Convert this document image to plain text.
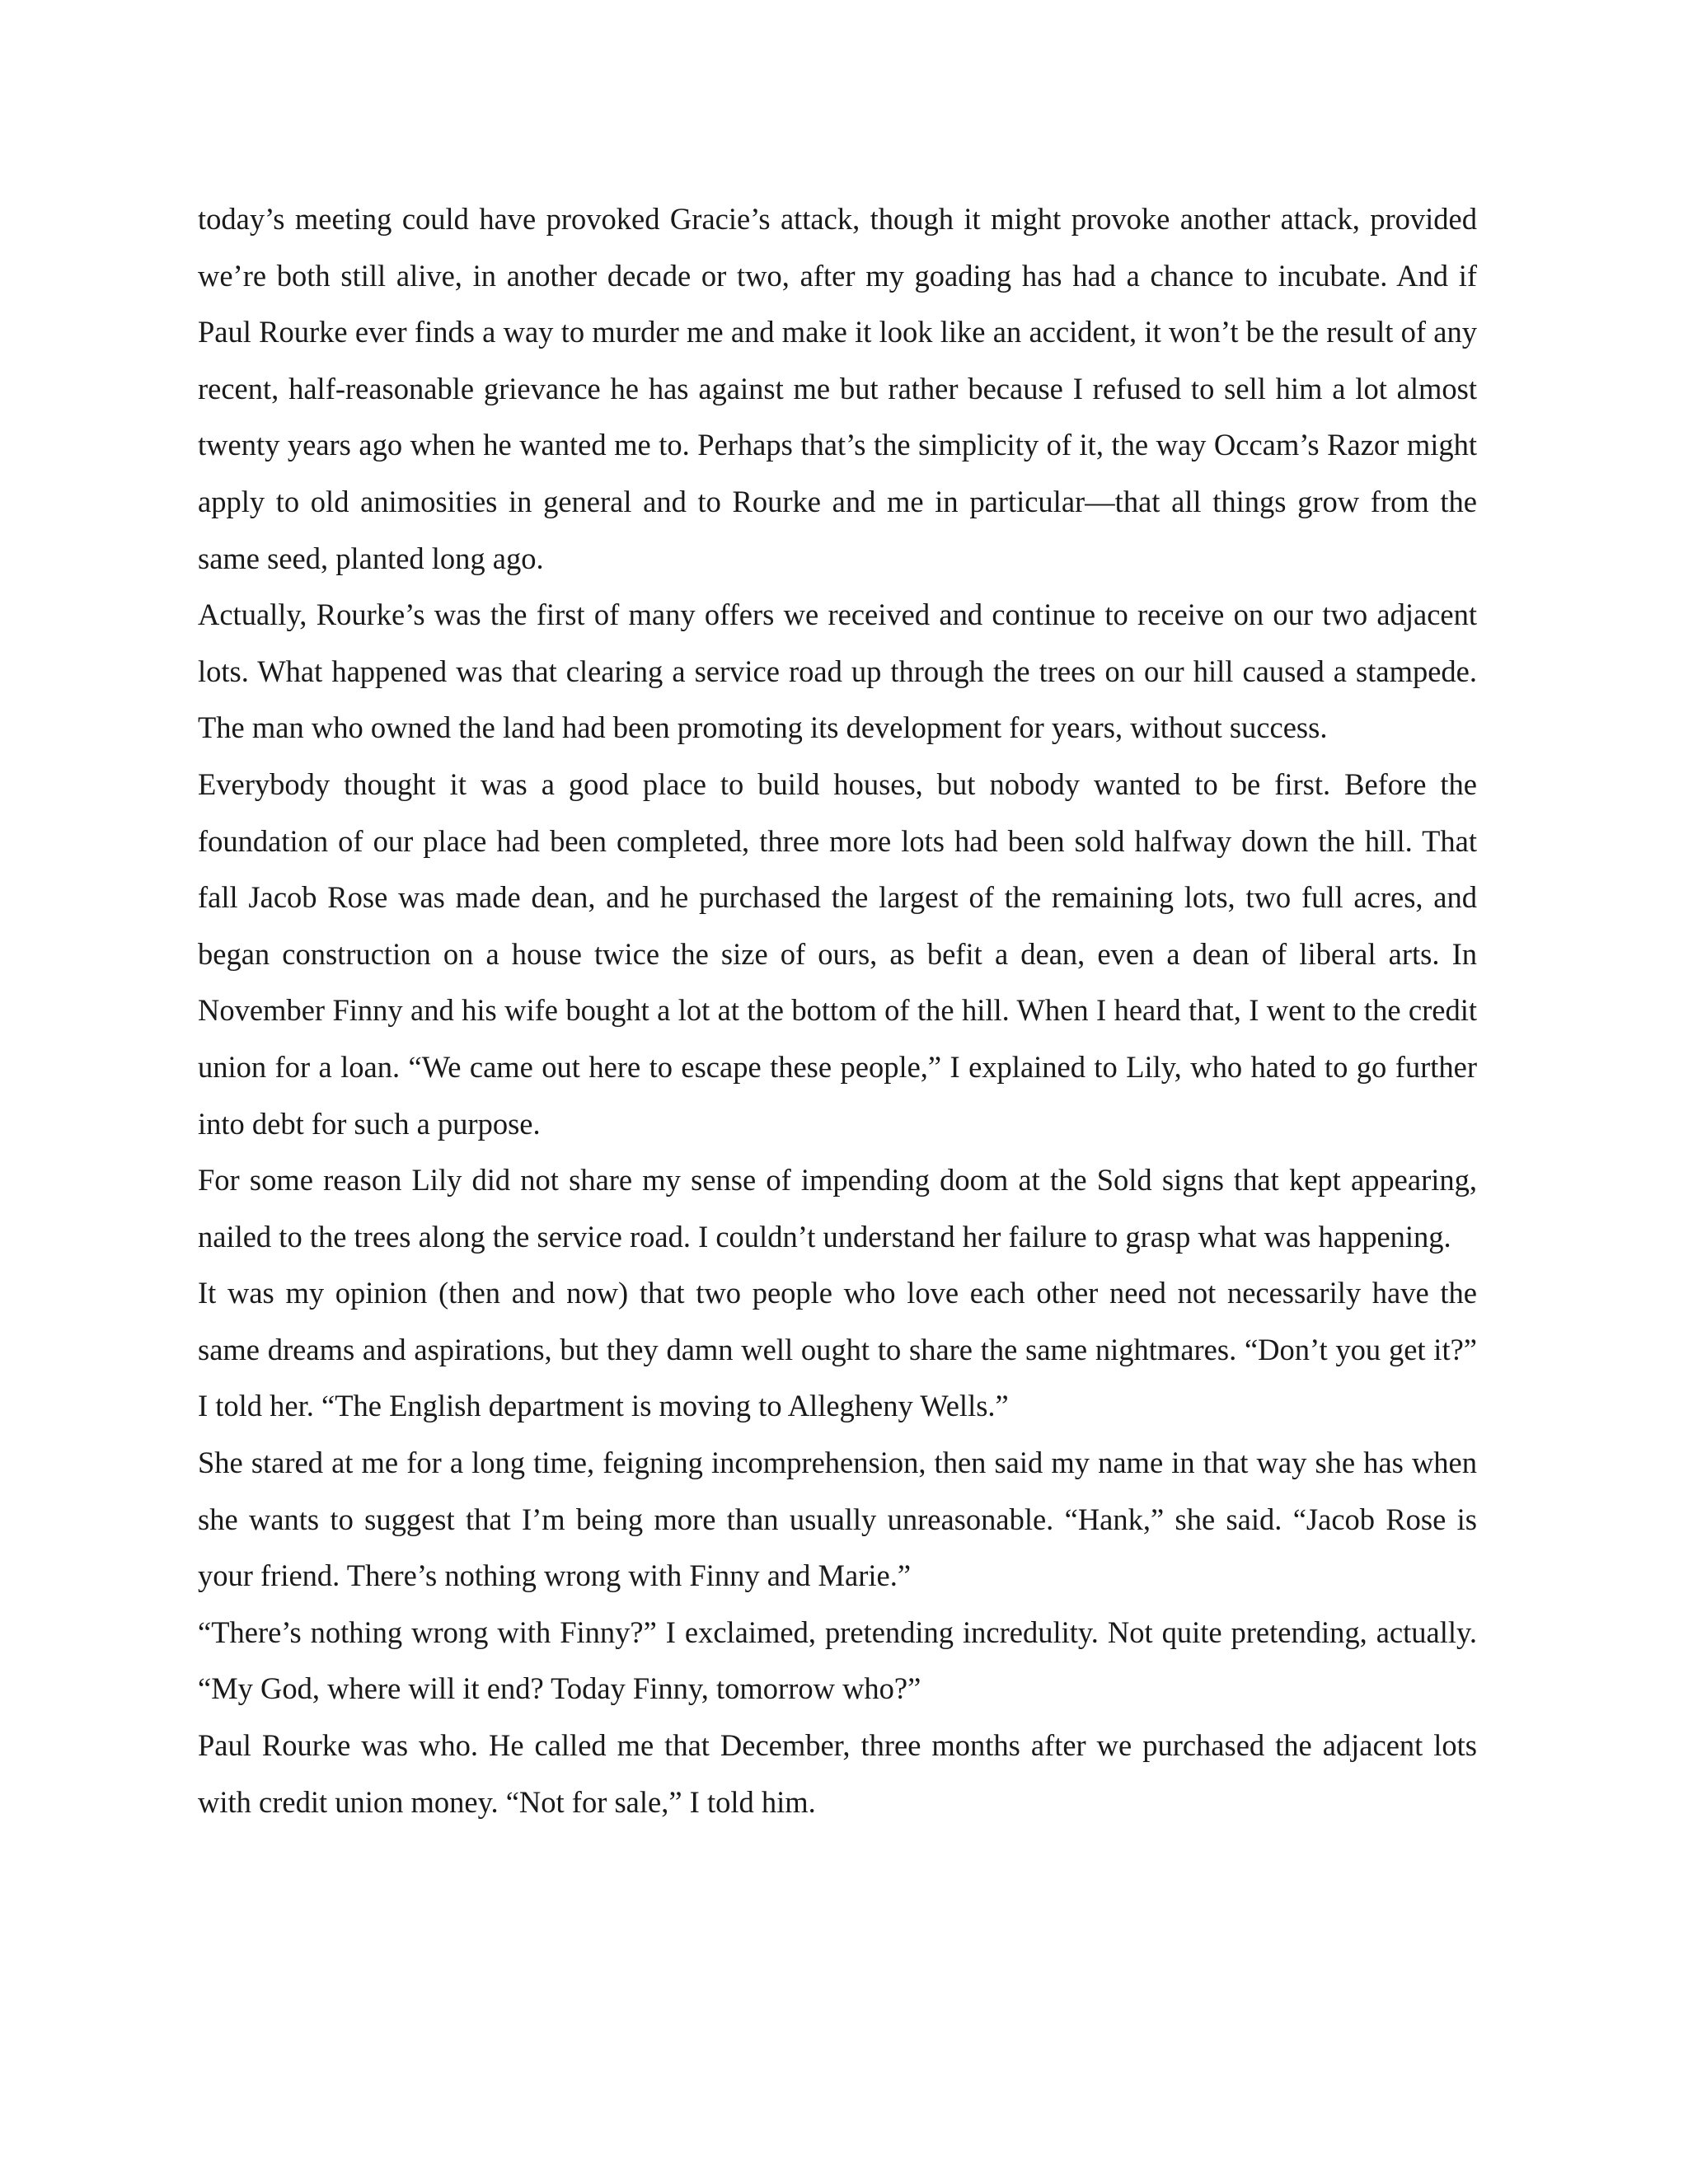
today’s meeting could have provoked Gracie’s attack, though it might provoke another attack, provided we’re both still alive, in another decade or two, after my goading has had a chance to incubate. And if Paul Rourke ever finds a way to murder me and make it look like an accident, it won’t be the result of any recent, half-reasonable grievance he has against me but rather because I refused to sell him a lot almost twenty years ago when he wanted me to. Perhaps that’s the simplicity of it, the way Occam’s Razor might apply to old animosities in general and to Rourke and me in particular—that all things grow from the same seed, planted long ago.

Actually, Rourke’s was the first of many offers we received and continue to receive on our two adjacent lots. What happened was that clearing a service road up through the trees on our hill caused a stampede. The man who owned the land had been promoting its development for years, without success.

Everybody thought it was a good place to build houses, but nobody wanted to be first. Before the foundation of our place had been completed, three more lots had been sold halfway down the hill. That fall Jacob Rose was made dean, and he purchased the largest of the remaining lots, two full acres, and began construction on a house twice the size of ours, as befit a dean, even a dean of liberal arts. In November Finny and his wife bought a lot at the bottom of the hill. When I heard that, I went to the credit union for a loan. “We came out here to escape these people,” I explained to Lily, who hated to go further into debt for such a purpose.

For some reason Lily did not share my sense of impending doom at the Sold signs that kept appearing, nailed to the trees along the service road. I couldn’t understand her failure to grasp what was happening.

It was my opinion (then and now) that two people who love each other need not necessarily have the same dreams and aspirations, but they damn well ought to share the same nightmares. “Don’t you get it?” I told her. “The English department is moving to Allegheny Wells.”

She stared at me for a long time, feigning incomprehension, then said my name in that way she has when she wants to suggest that I’m being more than usually unreasonable. “Hank,” she said. “Jacob Rose is your friend. There’s nothing wrong with Finny and Marie.”

“There’s nothing wrong with Finny?” I exclaimed, pretending incredulity. Not quite pretending, actually. “My God, where will it end? Today Finny, tomorrow who?”

Paul Rourke was who. He called me that December, three months after we purchased the adjacent lots with credit union money. “Not for sale,” I told him.
